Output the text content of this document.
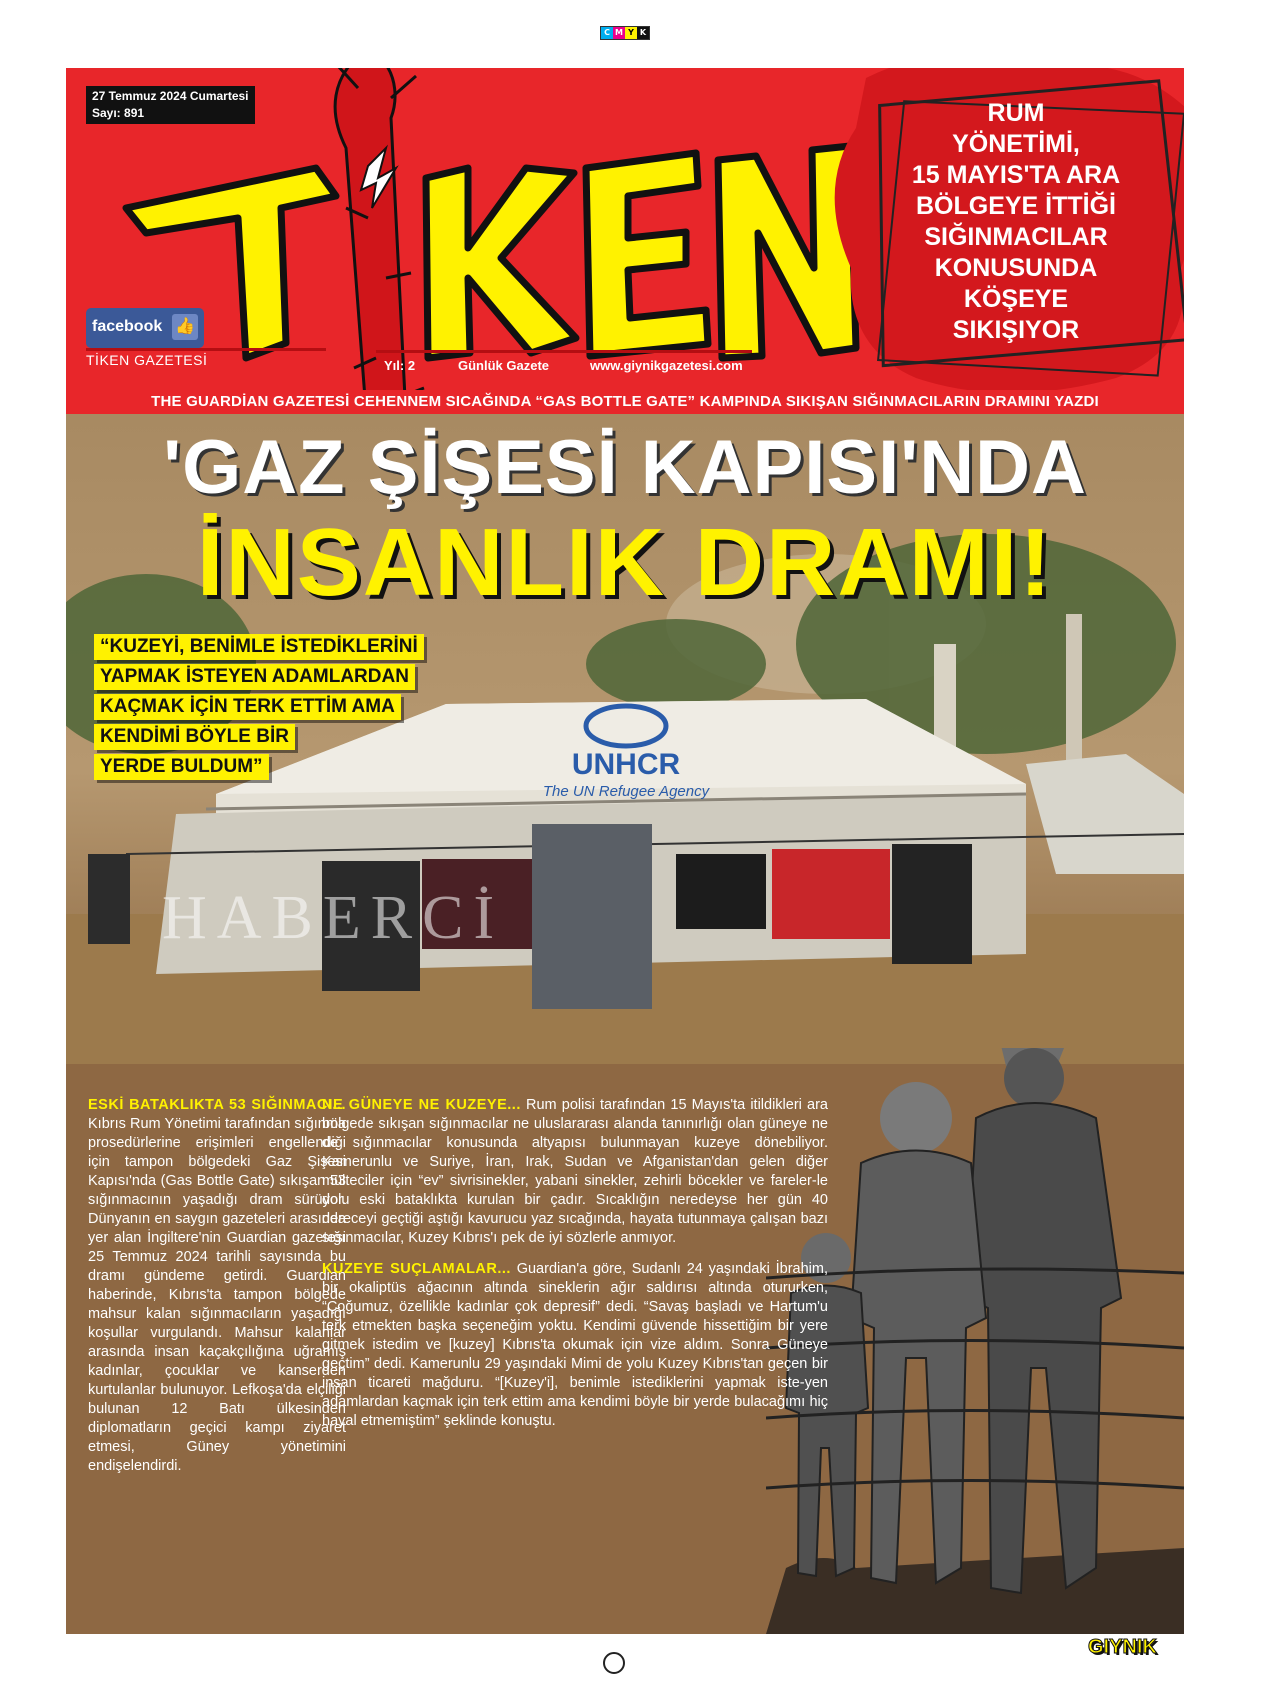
C M Y K
27 Temmuz 2024 Cumartesi
Sayı: 891
facebook 👍
TİKEN GAZETESİ	Yıl: 2	Günlük Gazete	www.giynikgazetesi.com
RUM
YÖNETİMİ,
15 MAYIS'TA ARA
BÖLGEYE İTTİĞİ
SIĞINMACILAR
KONUSUNDA
KÖŞEYE
SIKIŞIYOR
THE GUARDİAN GAZETESİ CEHENNEM SICAĞINDA “GAS BOTTLE GATE” KAMPINDA SIKIŞAN SIĞINMACILARIN DRAMINI YAZDI
UNHCR
The UN Refugee Agency
'GAZ ŞİŞESİ KAPISI'NDA
İNSANLIK DRAMI!
“KUZEYİ, BENİMLE İSTEDİKLERİNİ
YAPMAK İSTEYEN ADAMLARDAN
KAÇMAK İÇİN TERK ETTİM AMA
KENDİMİ BÖYLE BİR
YERDE BULDUM”
HABERCİ
ESKİ BATAKLIKTA 53 SIĞINMACI... Kıbrıs Rum Yönetimi tarafından sığınma prosedürlerine erişimleri engellendiği için tampon bölgedeki Gaz Şişesi Kapısı'nda (Gas Bottle Gate) sıkışan 53 sığınmacının yaşadığı dram sürüyor. Dünyanın en saygın gazeteleri arasında yer alan İngiltere'nin Guardian gazetesi 25 Temmuz 2024 tarihli sayısında bu dramı gündeme getirdi. Guardian haberinde, Kıbrıs'ta tampon bölgede mahsur kalan sığınmacıların yaşadığı koşullar vurgulandı. Mahsur kalanlar arasında insan kaçakçılığına uğramış kadınlar, çocuklar ve kanserden kurtulanlar bulunuyor. Lefkoşa'da elçiliği bulunan 12 Batı ülkesinden diplomatların geçici kampı ziyaret etmesi, Güney yönetimini endişelendirdi.

NE GÜNEYE NE KUZEYE... Rum polisi tarafından 15 Mayıs'ta itildikleri ara bölgede sıkışan sığınmacılar ne uluslararası alanda tanınırlığı olan güneye ne de sığınmacılar konusunda altyapısı bulunmayan kuzeye dönebiliyor. Kamerunlu ve Suriye, İran, Irak, Sudan ve Afganistan'dan gelen diğer mülteciler için “ev” sivrisinekler, yabani sinekler, zehirli böcekler ve fareler-le dolu eski bataklıkta kurulan bir çadır. Sıcaklığın neredeyse her gün 40 dereceyi geçtiği aştığı kavurucu yaz sıcağında, hayata tutunmaya çalışan bazı sığınmacılar, Kuzey Kıbrıs'ı pek de iyi sözlerle anmıyor.

KUZEYE SUÇLAMALAR... Guardian'a göre, Sudanlı 24 yaşındaki İbrahim, bir okaliptüs ağacının altında sineklerin ağır saldırısı altında otururken, “Çoğumuz, özellikle kadınlar çok depresif” dedi. “Savaş başladı ve Hartum'u terk etmekten başka seçeneğim yoktu. Kendimi güvende hissettiğim bir yere gitmek istedim ve [kuzey] Kıbrıs'ta okumak için vize aldım. Sonra Güneye geçtim” dedi. Kamerunlu 29 yaşındaki Mimi de yolu Kuzey Kıbrıs'tan geçen bir insan ticareti mağduru. “[Kuzey'i], benimle istediklerini yapmak iste-yen adamlardan kaçmak için terk ettim ama kendimi böyle bir yerde bulacağımı hiç hayal etmemiştim” şeklinde konuştu.

GIYNIK
